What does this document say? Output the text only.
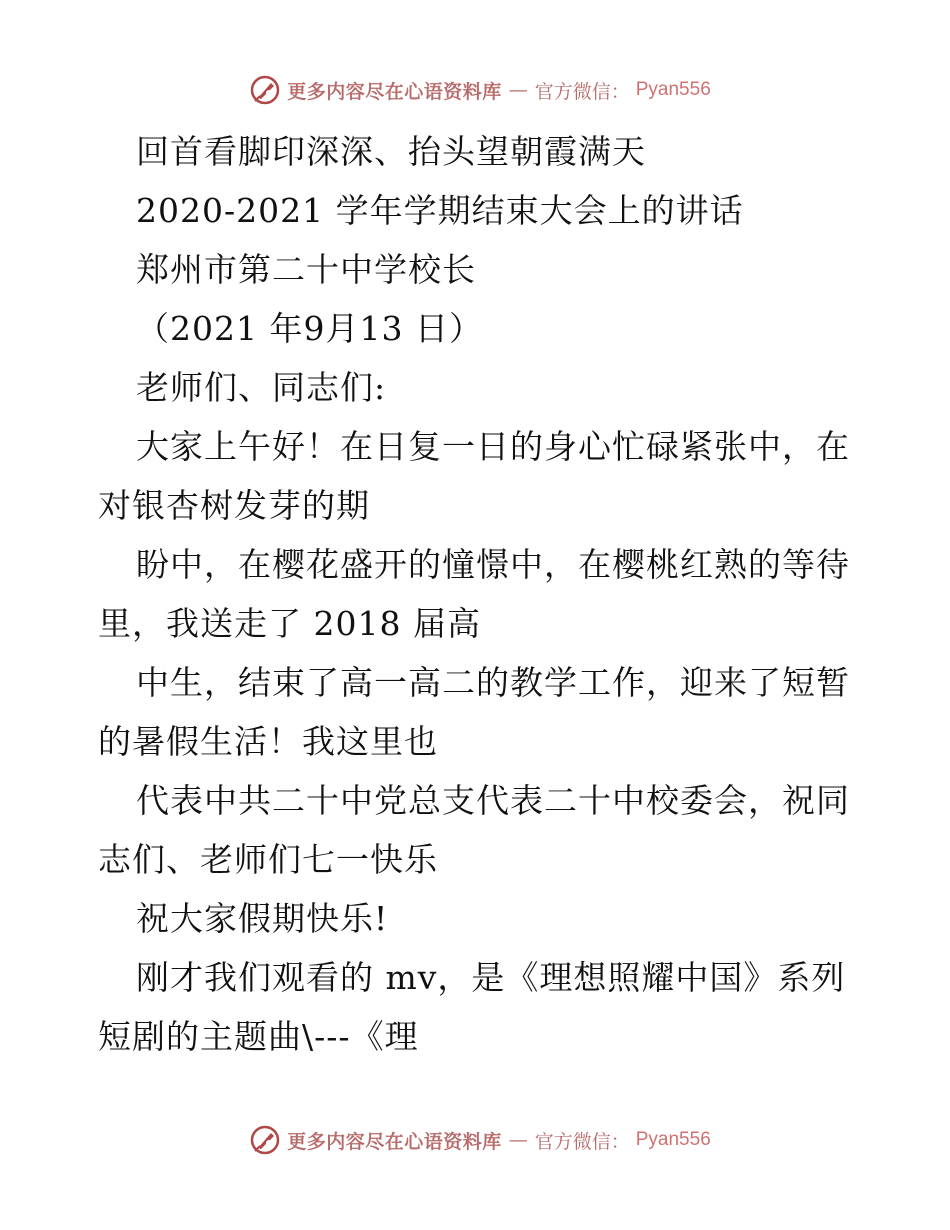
更多内容尽在心语资料库 — 官方微信： Pyan556
回首看脚印深深、抬头望朝霞满天
2020-2021 学年学期结束大会上的讲话
郑州市第二十中学校长
（2021 年9月13 日）
老师们、同志们:
大家上午好！在日复一日的身心忙碌紧张中，在
对银杏树发芽的期
盼中，在樱花盛开的憧憬中，在樱桃红熟的等待
里，我送走了 2018 届高
中生，结束了高一高二的教学工作，迎来了短暂
的暑假生活！我这里也
代表中共二十中党总支代表二十中校委会，祝同
志们、老师们七一快乐
祝大家假期快乐!
刚才我们观看的 mv，是《理想照耀中国》系列
短剧的主题曲\---《理
更多内容尽在心语资料库 — 官方微信： Pyan556
